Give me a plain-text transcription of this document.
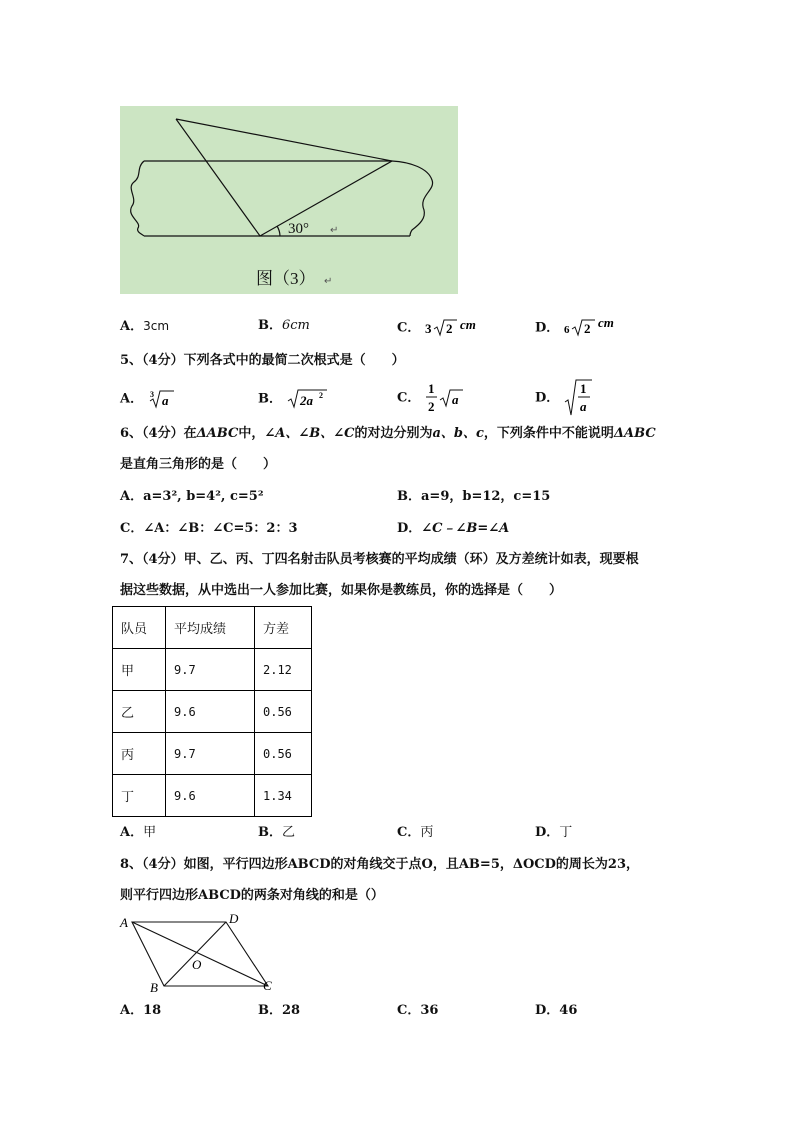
30° ↵
图（3） ↵
A．3cm	B．6cm	C． 3 2 cm	D． 6 2 cm
5、（4分）下列各式中的最简二次根式是（　　）
A． 3 a	B． 2a 2	C．
1
2 a	D．
1
a
6、（4分）在ΔABC中，∠A、∠B、∠C的对边分别为a、b、c，下列条件中不能说明ΔABC
是直角三角形的是（　　）
A．a=3², b=4², c=5²	B．a=9，b=12，c=15
C．∠A：∠B：∠C=5：2：3	D．∠C﹣∠B=∠A
7、（4分）甲、乙、丙、丁四名射击队员考核赛的平均成绩（环）及方差统计如表，现要根
据这些数据，从中选出一人参加比赛，如果你是教练员，你的选择是（　　）
队员	平均成绩	方差
甲	9.7	2.12
乙	9.6	0.56
丙	9.7	0.56
丁	9.6	1.34
A．甲	B．乙	C．丙	D．丁
8、（4分）如图，平行四边形ABCD的对角线交于点O，且AB=5，ΔOCD的周长为23，
则平行四边形ABCD的两条对角线的和是（）
A	D
B	C
O
A．18	B．28	C．36	D．46
